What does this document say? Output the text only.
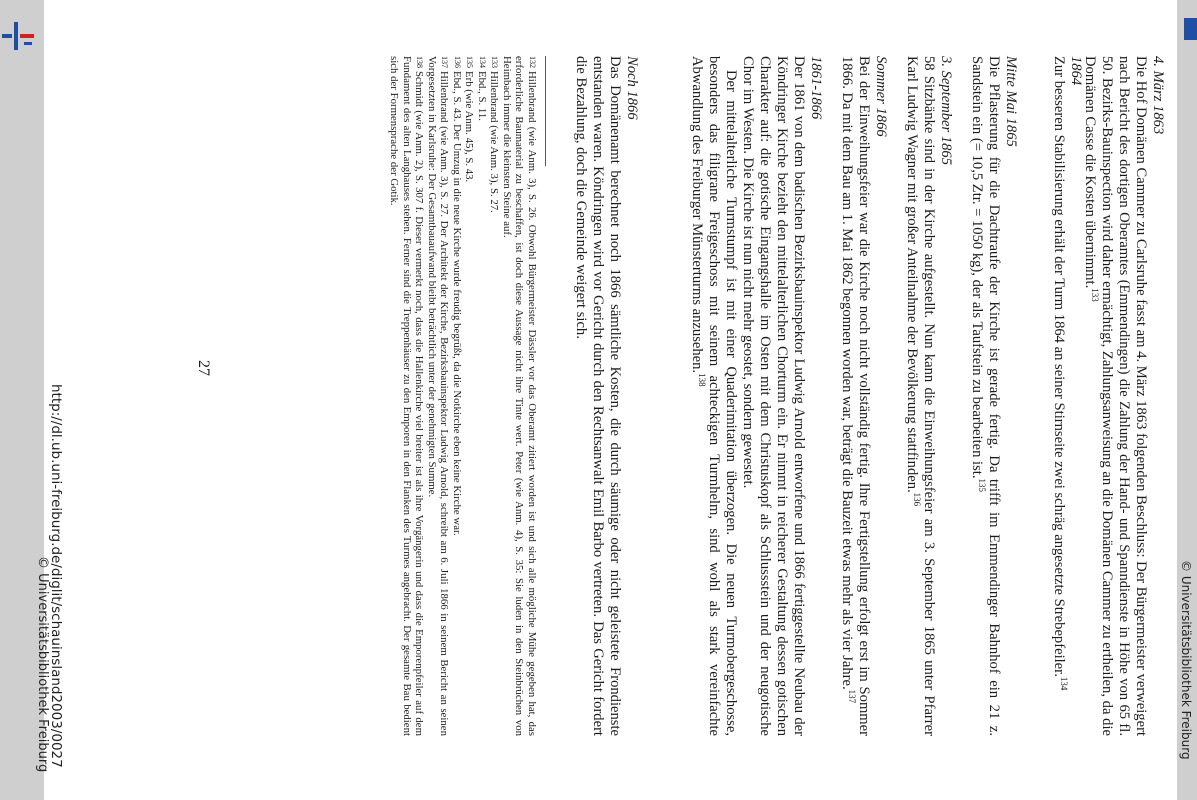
http://dl.ub.uni-freiburg.de/diglit/schauinsland2003/0027
© Universitätsbibliothek Freiburg	© Universitätsbibliothek Freiburg
4. März 1863
Die Hof Domänen Cammer zu Carlsruhe fasst am 4. März 1863 folgenden Beschluss: Der Bürgermeister verweigert nach Bericht des dortigen Oberamtes (Emmendingen) die Zahlung der Hand- und Spanndienste in Höhe von 65 fl. 50. Bezirks-Bauinspection wird daher ermächtigt, Zahlungsanweisung an die Domänen Cammer zu ertheilen, da die Domänen Casse die Kosten übernimmt.$^{133}$
1864
Zur besseren Stabilisierung erhält der Turm 1864 an seiner Stirnseite zwei schräg angesetzte Strebepfeiler.$^{134}$
Mitte Mai 1865
Die Pflasterung für die Dachtraufe der Kirche ist gerade fertig. Da trifft im Emmendinger Bahnhof ein 21 z. Sandstein ein (= 10,5 Ztr. = 1050 kg), der als Taufstein zu bearbeiten ist.$^{135}$
3. September 1865
58 Sitzbänke sind in der Kirche aufgestellt. Nun kann die Einweihungsfeier am 3. September 1865 unter Pfarrer Karl Ludwig Wagner mit großer Anteilnahme der Bevölkerung stattfinden.$^{136}$
Sommer 1866
Bei der Einweihungsfeier war die Kirche noch nicht vollständig fertig. Ihre Fertigstellung erfolgt erst im Sommer 1866. Da mit dem Bau am 1. Mai 1862 begonnen worden war, beträgt die Bauzeit etwas mehr als vier Jahre.$^{137}$
1861-1866
Der 1861 von dem badischen Bezirksbauinspektor Ludwig Arnold entworfene und 1866 fertiggestellte Neubau der Köndringer Kirche bezieht den mittelalterlichen Chorturm ein. Er nimmt in reicherer Gestaltung dessen gotischen Charakter auf: die gotische Eingangshalle im Osten mit dem Christuskopf als Schlussstein und der neugotische Chor im Westen. Die Kirche ist nun nicht mehr geostet, sondern gewestet.
Der mittelalterliche Turmstumpf ist mit einer Quaderimitation überzogen. Die neuen Turmobergeschosse, besonders das filigrane Freigeschoss mit seinem achteckigen Turmhelm, sind wohl als stark vereinfachte Abwandlung des Freiburger Münsterturms anzusehen.$^{138}$
Noch 1866
Das Domänenamt berechnet noch 1866 sämtliche Kosten, die durch säumige oder nicht geleistete Frondienste entstanden waren. Köndringen wird vor Gericht durch den Rechtsanwalt Emil Barbo vertreten. Das Gericht fordert die Bezahlung, doch die Gemeinde weigert sich.
$^{132}$Hillenbrand (wie Anm. 3), S. 26. Obwohl Bürgermeister Dässler vor das Oberamt zitiert worden ist und sich alle mögliche Mühe gegeben hat, das erforderliche Baumaterial zu beschaffen, ist doch diese Aussage nicht ihre Tinte wert. Peter (wie Anm. 4), S. 35: Sie luden in den Steinbrüchen von Heimbach immer die kleinsten Steine auf.
$^{133}$Hillenbrand (wie Anm. 3), S. 27.
$^{134}$Ebd., S. 11.
$^{135}$Erb (wie Anm. 45), S. 43.
$^{136}$Ebd., S. 43. Der Umzug in die neue Kirche wurde freudig begrüßt, da die Notkirche eben keine Kirche war.
$^{137}$Hillenbrand (wie Anm. 3), S. 27. Der Architekt der Kirche, Bezirksbauinspektor Ludwig Arnold, schreibt am 6. Juli 1866 in seinem Bericht an seinen Vorgesetzten in Karlsruhe: Der Gesamtbauaufwand bleibt beträchtlich unter der genehmigten Summe.
$^{138}$Schmidt (wie Anm. 2), S. 307 f. Dieser vermerkt noch, dass die Hallenkirche viel breiter ist als ihre Vorgängerin und dass die Emporenpfeiler auf dem Fundament des alten Langhauses stehen. Ferner sind die Treppenhäuser zu den Emporen in den Flanken des Turmes angebracht. Der gesamte Bau bedient sich der Formensprache der Gotik.
27
